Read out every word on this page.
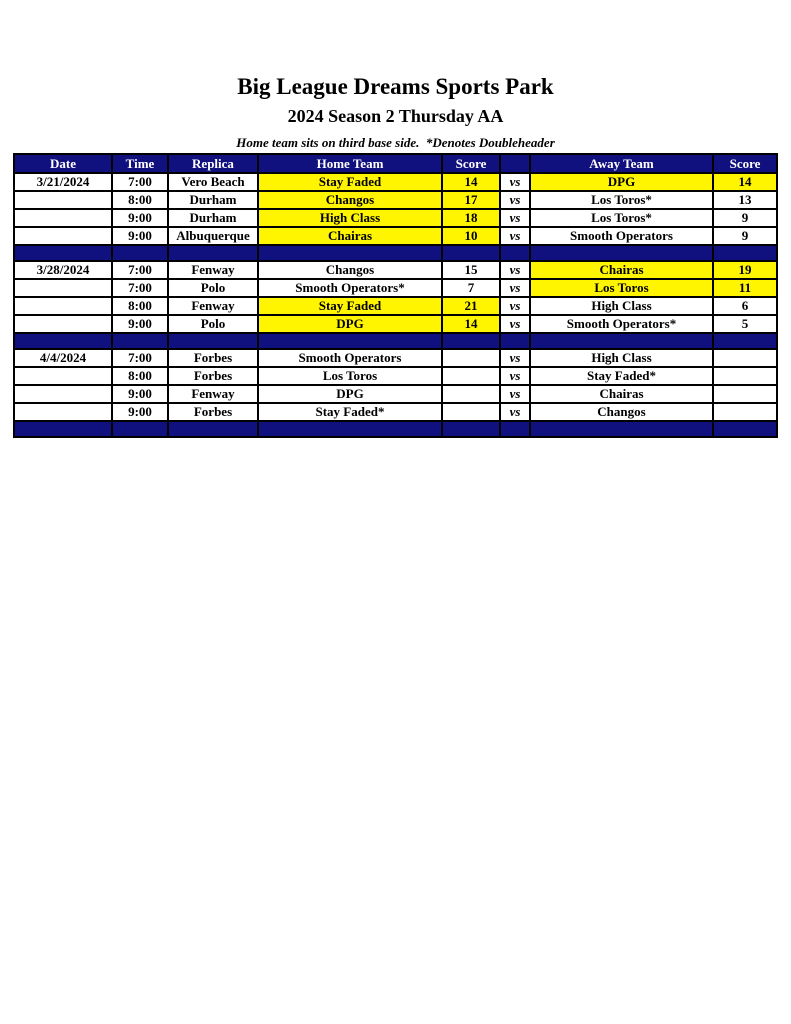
Big League Dreams Sports Park
2024 Season 2 Thursday AA
Home team sits on third base side.  *Denotes Doubleheader
Date	Time	Replica	Home Team	Score		Away Team	Score
3/21/2024	7:00	Vero Beach	Stay Faded	14	vs	DPG	14
	8:00	Durham	Changos	17	vs	Los Toros*	13
	9:00	Durham	High Class	18	vs	Los Toros*	9
	9:00	Albuquerque	Chairas	10	vs	Smooth Operators	9

3/28/2024	7:00	Fenway	Changos	15	vs	Chairas	19
	7:00	Polo	Smooth Operators*	7	vs	Los Toros	11
	8:00	Fenway	Stay Faded	21	vs	High Class	6
	9:00	Polo	DPG	14	vs	Smooth Operators*	5

4/4/2024	7:00	Forbes	Smooth Operators		vs	High Class	
	8:00	Forbes	Los Toros		vs	Stay Faded*	
	9:00	Fenway	DPG		vs	Chairas	
	9:00	Forbes	Stay Faded*		vs	Changos	
